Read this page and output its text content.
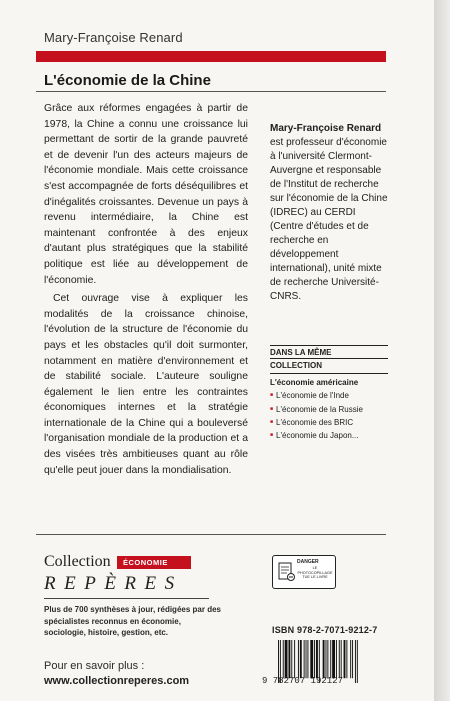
Mary-Françoise Renard
L'économie de la Chine

Grâce aux réformes engagées à partir de 1978, la Chine a connu une croissance lui permettant de sortir de la grande pauvreté et de devenir l'un des acteurs majeurs de l'économie mondiale. Mais cette croissance s'est accompagnée de forts déséquilibres et d'inégalités croissantes. Devenue un pays à revenu intermédiaire, la Chine est maintenant confrontée à des enjeux d'autant plus stratégiques que la stabilité politique est liée au développement de l'économie.

Cet ouvrage vise à expliquer les modalités de la croissance chinoise, l'évolution de la structure de l'économie du pays et les obstacles qu'il doit surmonter, notamment en matière d'environnement et de stabilité sociale. L'auteure souligne également le lien entre les contraintes économiques internes et la stratégie internationale de la Chine qui a bouleversé l'organisation mondiale de la production et a des visées très ambitieuses quant au rôle qu'elle peut jouer dans la mondialisation.

Mary-Françoise Renard
est professeur d'économie à l'université Clermont-Auvergne et responsable de l'Institut de recherche sur l'économie de la Chine (IDREC) au CERDI (Centre d'études et de recherche en développement international), unité mixte de recherche Université-CNRS.
DANS LA MÊME
COLLECTION
L'économie américaine
■ L'économie de l'Inde
■ L'économie de la Russie
■ L'économie des BRIC
■ L'économie du Japon...
Collection	ÉCONOMIE
REPÈRES
Plus de 700 synthèses à jour, rédigées par des spécialistes reconnus en économie, sociologie, histoire, gestion, etc.
Pour en savoir plus :
www.collectionreperes.com
DANGER
LE PHOTOCOPILLAGE TUE LE LIVRE
ISBN 978-2-7071-9212-7
9 782707 192127
